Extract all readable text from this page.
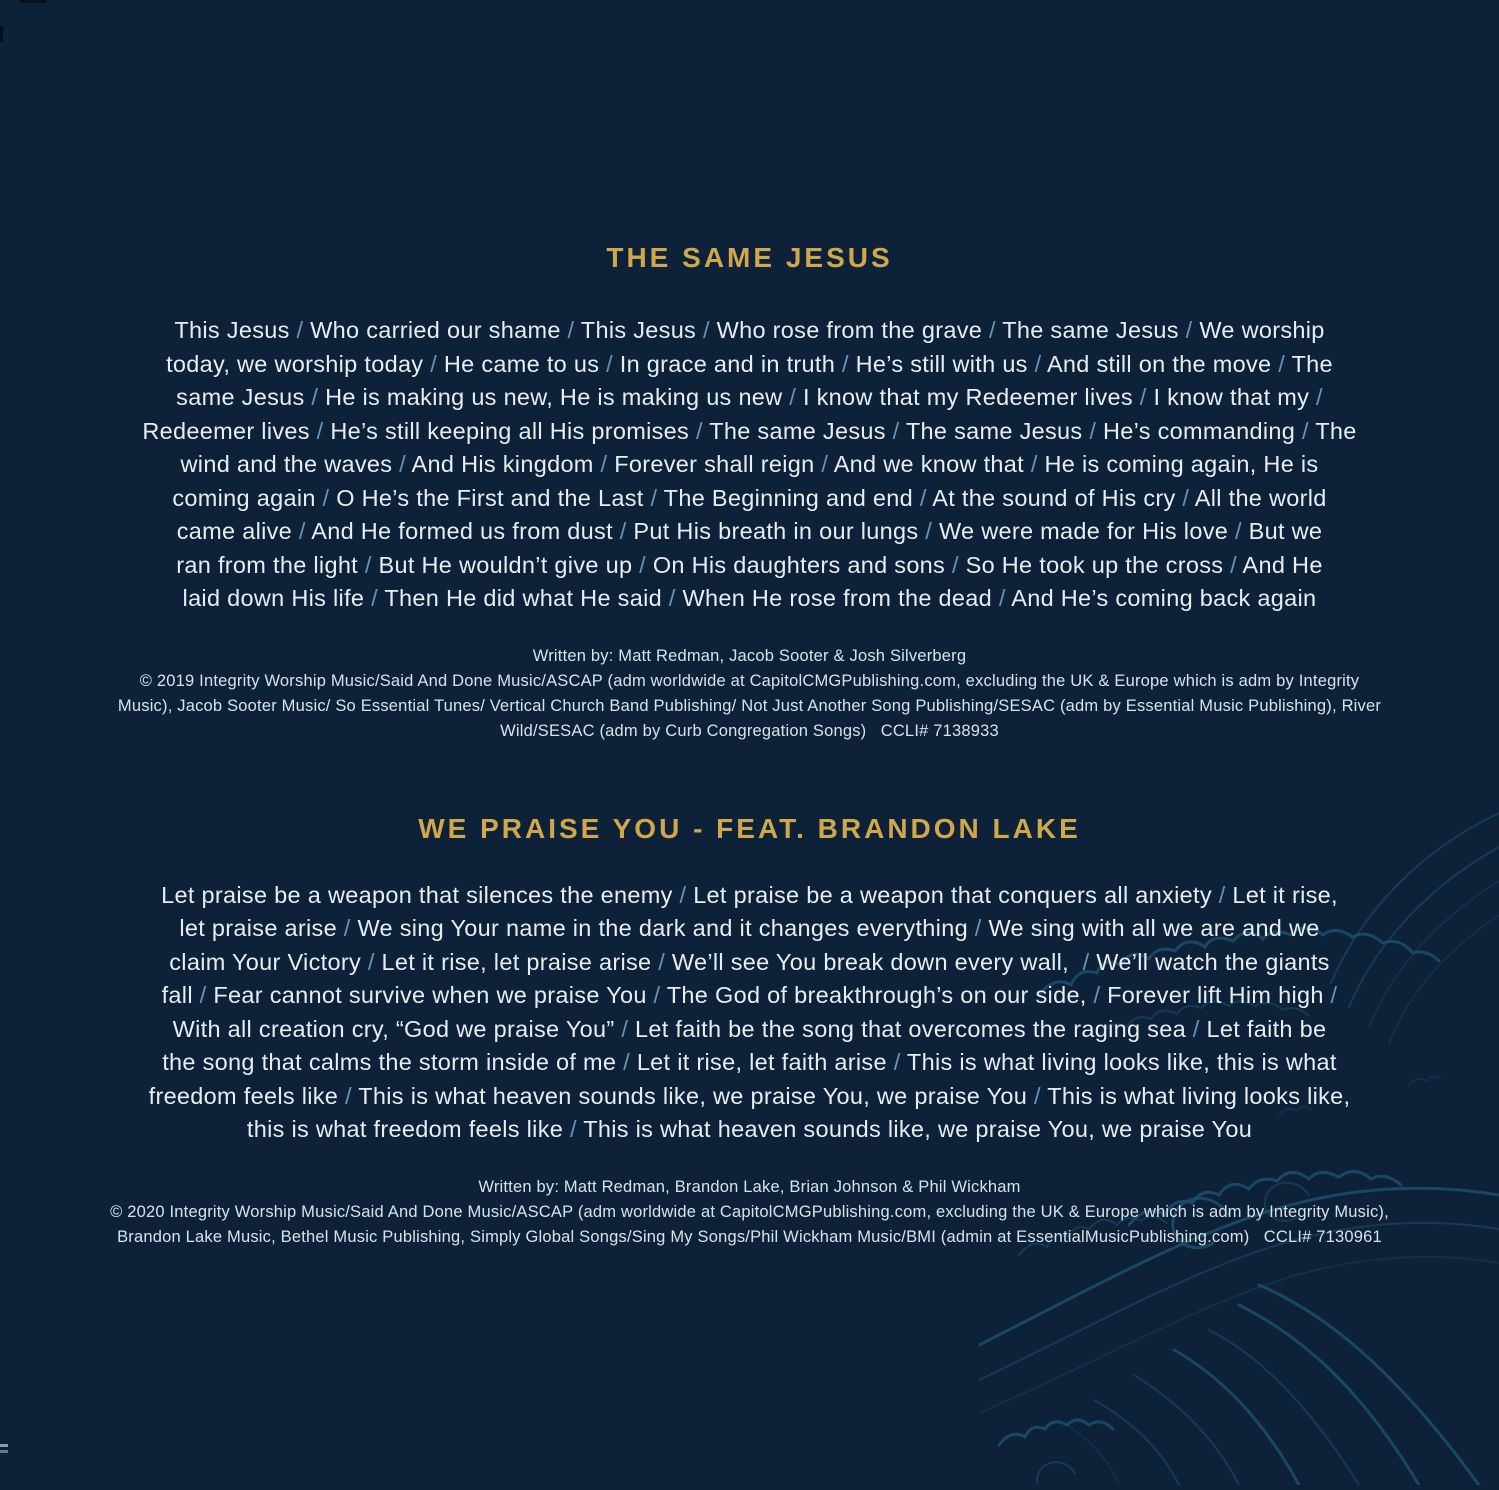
THE SAME JESUS
This Jesus / Who carried our shame / This Jesus / Who rose from the grave / The same Jesus / We worship
today, we worship today / He came to us / In grace and in truth / He’s still with us / And still on the move / The
same Jesus / He is making us new, He is making us new / I know that my Redeemer lives / I know that my /
Redeemer lives / He’s still keeping all His promises / The same Jesus / The same Jesus / He’s commanding / The
wind and the waves / And His kingdom / Forever shall reign / And we know that / He is coming again, He is
coming again / O He’s the First and the Last / The Beginning and end / At the sound of His cry / All the world
came alive / And He formed us from dust / Put His breath in our lungs / We were made for His love / But we
ran from the light / But He wouldn’t give up / On His daughters and sons / So He took up the cross / And He
laid down His life / Then He did what He said / When He rose from the dead / And He’s coming back again
Written by: Matt Redman, Jacob Sooter & Josh Silverberg
© 2019 Integrity Worship Music/Said And Done Music/ASCAP (adm worldwide at CapitolCMGPublishing.com, excluding the UK & Europe which is adm by Integrity
Music), Jacob Sooter Music/ So Essential Tunes/ Vertical Church Band Publishing/ Not Just Another Song Publishing/SESAC (adm by Essential Music Publishing), River
Wild/SESAC (adm by Curb Congregation Songs)   CCLI# 7138933
WE PRAISE YOU - FEAT. BRANDON LAKE
Let praise be a weapon that silences the enemy / Let praise be a weapon that conquers all anxiety / Let it rise,
let praise arise / We sing Your name in the dark and it changes everything / We sing with all we are and we
claim Your Victory / Let it rise, let praise arise / We’ll see You break down every wall,  / We’ll watch the giants
fall / Fear cannot survive when we praise You / The God of breakthrough’s on our side, / Forever lift Him high /
With all creation cry, “God we praise You” / Let faith be the song that overcomes the raging sea / Let faith be
the song that calms the storm inside of me / Let it rise, let faith arise / This is what living looks like, this is what
freedom feels like / This is what heaven sounds like, we praise You, we praise You / This is what living looks like,
this is what freedom feels like / This is what heaven sounds like, we praise You, we praise You
Written by: Matt Redman, Brandon Lake, Brian Johnson & Phil Wickham
© 2020 Integrity Worship Music/Said And Done Music/ASCAP (adm worldwide at CapitolCMGPublishing.com, excluding the UK & Europe which is adm by Integrity Music),
Brandon Lake Music, Bethel Music Publishing, Simply Global Songs/Sing My Songs/Phil Wickham Music/BMI (admin at EssentialMusicPublishing.com)   CCLI# 7130961
